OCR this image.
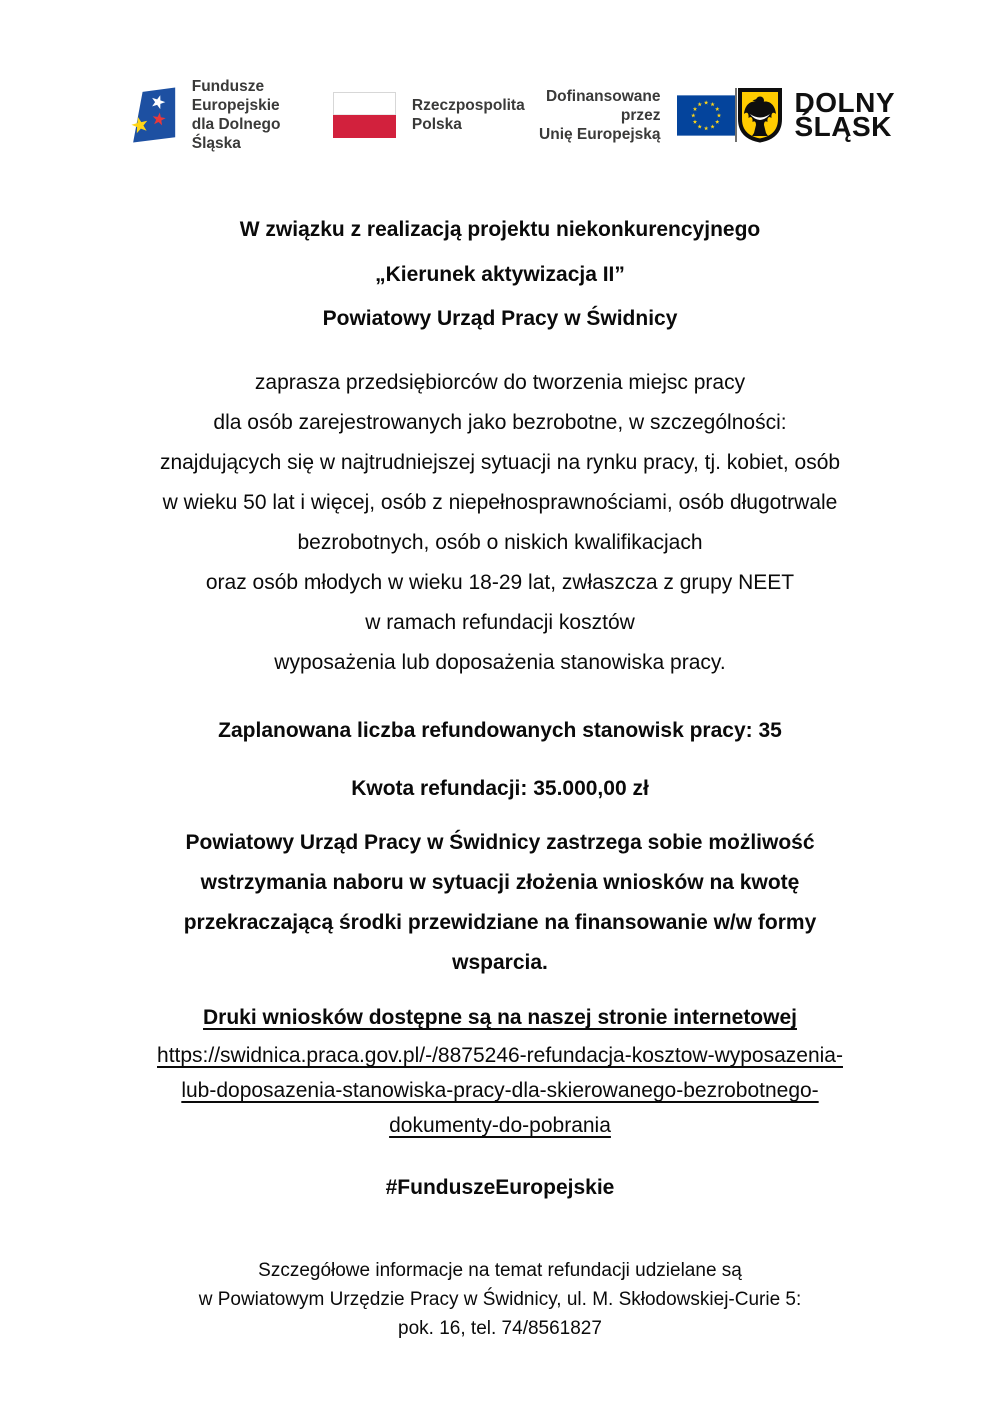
Fundusze Europejskie
dla Dolnego Śląska
Rzeczpospolita
Polska
Dofinansowane przez
Unię Europejską
DOLNY
ŚLĄSK
W związku z realizacją projektu niekonkurencyjnego
„Kierunek aktywizacja II”
Powiatowy Urząd Pracy w Świdnicy
zaprasza przedsiębiorców do tworzenia miejsc pracy
dla osób zarejestrowanych jako bezrobotne, w szczególności:
znajdujących się w najtrudniejszej sytuacji na rynku pracy, tj. kobiet, osób
w wieku 50 lat i więcej, osób z niepełnosprawnościami, osób długotrwale
bezrobotnych, osób o niskich kwalifikacjach
oraz osób młodych w wieku 18-29 lat, zwłaszcza z grupy NEET
w ramach refundacji kosztów
wyposażenia lub doposażenia stanowiska pracy.
Zaplanowana liczba refundowanych stanowisk pracy: 35
Kwota refundacji: 35.000,00 zł
Powiatowy Urząd Pracy w Świdnicy zastrzega sobie możliwość
wstrzymania naboru w sytuacji złożenia wniosków na kwotę
przekraczającą środki przewidziane na finansowanie w/w formy
wsparcia.
Druki wniosków dostępne są na naszej stronie internetowej
https://swidnica.praca.gov.pl/-/8875246-refundacja-kosztow-wyposazenia-
lub-doposazenia-stanowiska-pracy-dla-skierowanego-bezrobotnego-
dokumenty-do-pobrania
#FunduszeEuropejskie
Szczegółowe informacje na temat refundacji udzielane są
w Powiatowym Urzędzie Pracy w Świdnicy, ul. M. Skłodowskiej-Curie 5:
pok. 16, tel. 74/8561827
